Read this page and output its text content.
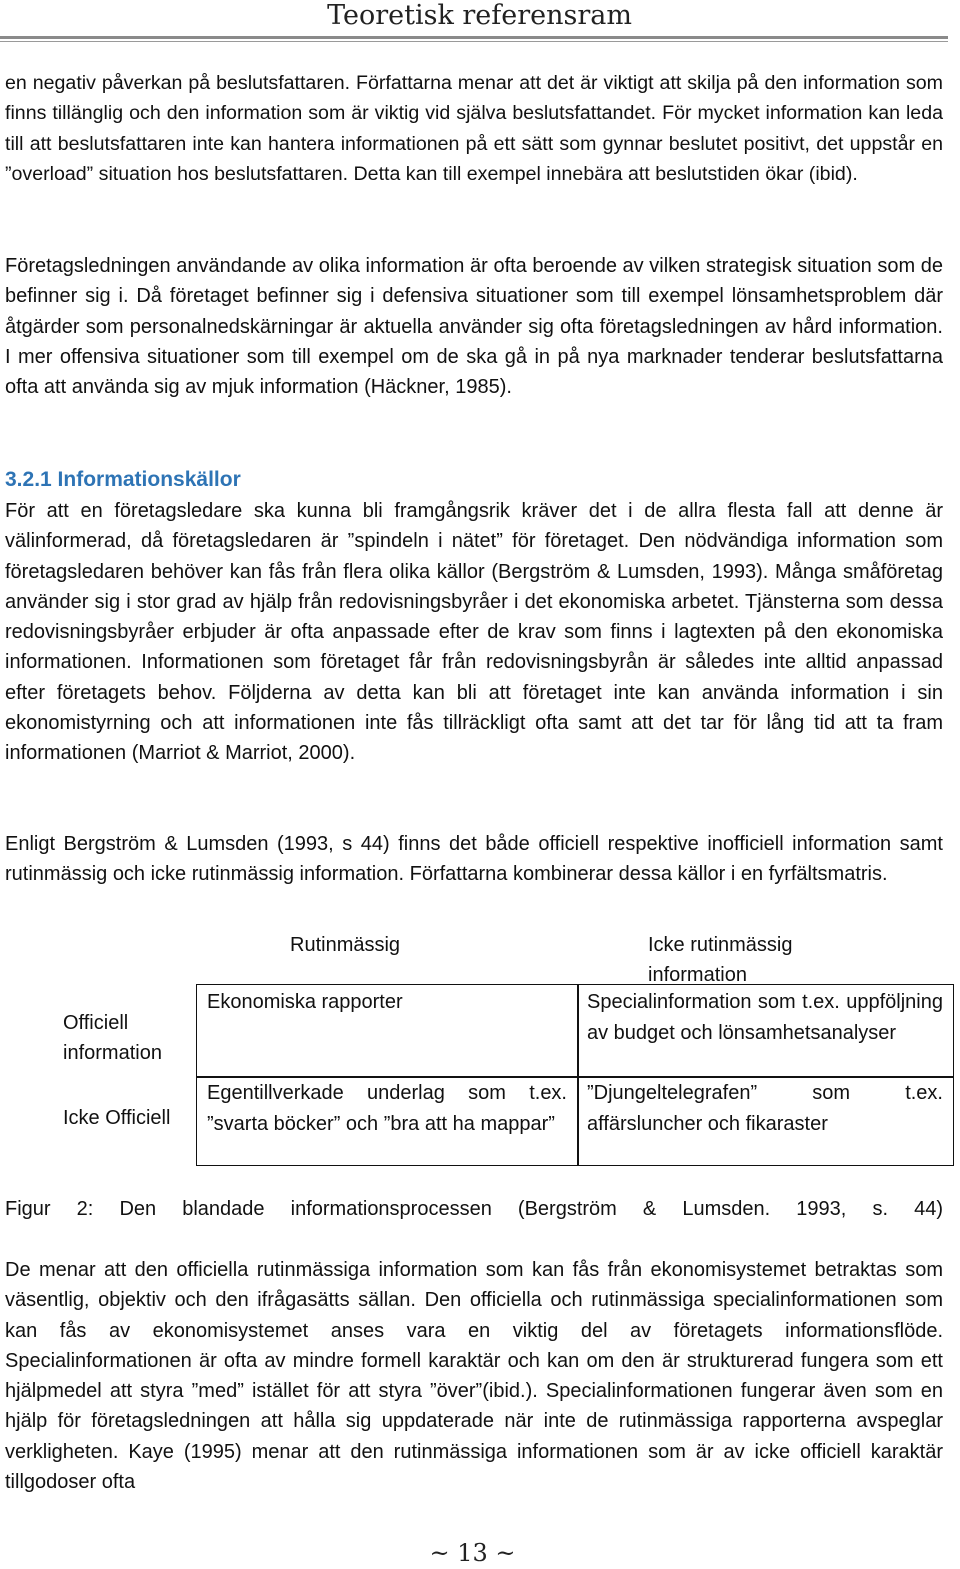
Teoretisk referensram

en negativ påverkan på beslutsfattaren. Författarna menar att det är viktigt att skilja på den information som finns tillänglig och den information som är viktig vid själva beslutsfattandet. För mycket information kan leda till att beslutsfattaren inte kan hantera informationen på ett sätt som gynnar beslutet positivt, det uppstår en ”overload” situation hos beslutsfattaren. Detta kan till exempel innebära att beslutstiden ökar (ibid).

Företagsledningen användande av olika information är ofta beroende av vilken strategisk situation som de befinner sig i. Då företaget befinner sig i defensiva situationer som till exempel lönsamhetsproblem där åtgärder som personalnedskärningar är aktuella använder sig ofta företagsledningen av hård information. I mer offensiva situationer som till exempel om de ska gå in på nya marknader tenderar beslutsfattarna ofta att använda sig av mjuk information (Häckner, 1985).

3.2.1 Informationskällor

För att en företagsledare ska kunna bli framgångsrik kräver det i de allra flesta fall att denne är välinformerad, då företagsledaren är ”spindeln i nätet” för företaget. Den nödvändiga information som företagsledaren behöver kan fås från flera olika källor (Bergström & Lumsden, 1993). Många småföretag använder sig i stor grad av hjälp från redovisningsbyråer i det ekonomiska arbetet. Tjänsterna som dessa redovisningsbyråer erbjuder är ofta anpassade efter de krav som finns i lagtexten på den ekonomiska informationen. Informationen som företaget får från redovisningsbyrån är således inte alltid anpassad efter företagets behov. Följderna av detta kan bli att företaget inte kan använda information i sin ekonomistyrning och att informationen inte fås tillräckligt ofta samt att det tar för lång tid att ta fram informationen (Marriot & Marriot, 2000).

Enligt Bergström & Lumsden (1993, s 44) finns det både officiell respektive inofficiell information samt rutinmässig och icke rutinmässig information. Författarna kombinerar dessa källor i en fyrfältsmatris.

Rutinmässig	Icke rutinmässig information
Officiell information
Icke Officiell

Ekonomiska rapporter	Specialinformation som t.ex. uppföljning av budget och lönsamhetsanalyser

Egentillverkade underlag som t.ex. ”svarta böcker” och ”bra att ha mappar”

”Djungeltelegrafen” som t.ex. affärsluncher och fikaraster

Figur 2: Den blandade informationsprocessen (Bergström & Lumsden. 1993, s. 44)

De menar att den officiella rutinmässiga information som kan fås från ekonomisystemet betraktas som väsentlig, objektiv och den ifrågasätts sällan. Den officiella och rutinmässiga specialinformationen som kan fås av ekonomisystemet anses vara en viktig del av företagets informationsflöde. Specialinformationen är ofta av mindre formell karaktär och kan om den är strukturerad fungera som ett hjälpmedel att styra ”med” istället för att styra ”över”(ibid.). Specialinformationen fungerar även som en hjälp för företagsledningen att hålla sig uppdaterade när inte de rutinmässiga rapporterna avspeglar verkligheten. Kaye (1995) menar att den rutinmässiga informationen som är av icke officiell karaktär tillgodoser ofta

~ 13 ~
